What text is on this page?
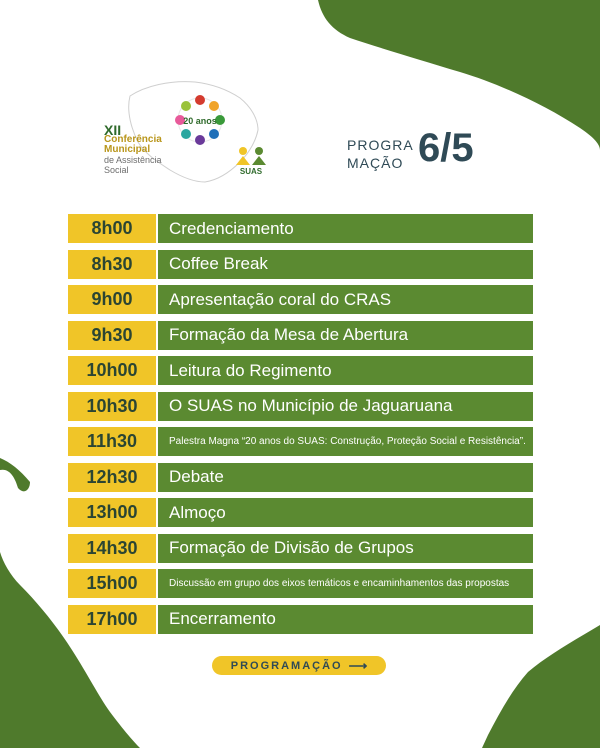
20 anos
XII
Conferência
Municipal
de Assistência
Social	SUAS
PROGRA
MAÇÃO 6/5
8h00	Credenciamento
8h30	Coffee Break
9h00	Apresentação coral do CRAS
9h30	Formação da Mesa de Abertura
10h00	Leitura do Regimento
10h30	O SUAS no Município de Jaguaruana
11h30	Palestra Magna “20 anos do SUAS: Construção, Proteção Social e Resistência”.
12h30	Debate
13h00	Almoço
14h30	Formação de Divisão de Grupos
15h00	Discussão em grupo dos eixos temáticos e encaminhamentos das propostas
17h00	Encerramento
PROGRAMAÇÃO ⟶
